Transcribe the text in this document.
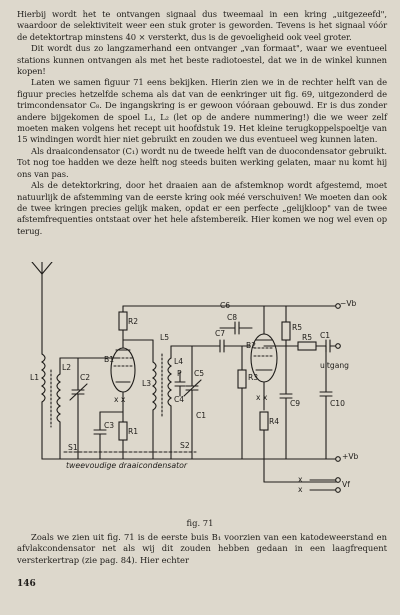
Hierbij wordt het te ontvangen signaal dus tweemaal in een kring „uitgezeefd", waardoor de selektiviteit weer een stuk groter is geworden. Tevens is het signaal vóór de detektortrap minstens 40 × versterkt, dus is de gevoeligheid ook veel groter.

Dit wordt dus zo langzamerhand een ontvanger „van formaat", waar we eventueel stations kunnen ontvangen als met het beste radiotoestel, dat we in de winkel kunnen kopen!

Laten we samen figuur 71 eens bekijken. Hierin zien we in de rechter helft van de figuur precies hetzelfde schema als dat van de eenkringer uit fig. 69, uitgezonderd de trimcondensator C₈. De ingangskring is er gewoon vóóraan gebouwd. Er is dus zonder andere bijgekomen de spoel L₁, L₂ (let op de andere nummering!) die we weer zelf moeten maken volgens het recept uit hoofdstuk 19. Het kleine terugkoppelspoeltje van 15 windingen wordt hier niet gebruikt en zouden we dus eventueel weg kunnen laten.

Als draaicondensator (C₁) wordt nu de tweede helft van de duocondensator gebruikt. Tot nog toe hadden we deze helft nog steeds buiten werking gelaten, maar nu komt hij ons van pas.

Als de detektorkring, door het draaien aan de afstemknop wordt afgestemd, moet natuurlijk de afstemming van de eerste kring ook méé verschuiven! We moeten dan ook de twee kringen precies gelijk maken, opdat er een perfecte „gelijkloop" van de twee afstemfrequenties ontstaat over het hele afstembereik. Hier komen we nog wel even op terug.

−Vb
+Vb
R2
R1
B1
L1
L2
C2
C3
S1
L5
L3
L4
P
C4
C5
C1
S2
C7
C8
B2
R3
R4
R5
R5 C1
C9	C10
uitgang
x x
x x
x
x
Vf
C6
tweevoudige draaicondensator
fig. 71

Zoals we zien uit fig. 71 is de eerste buis B₁ voorzien van een katodeweerstand en afvlakcondensator net als wij dit zouden hebben gedaan in een laagfrequent versterkertrap (zie pag. 84). Hier echter

146
